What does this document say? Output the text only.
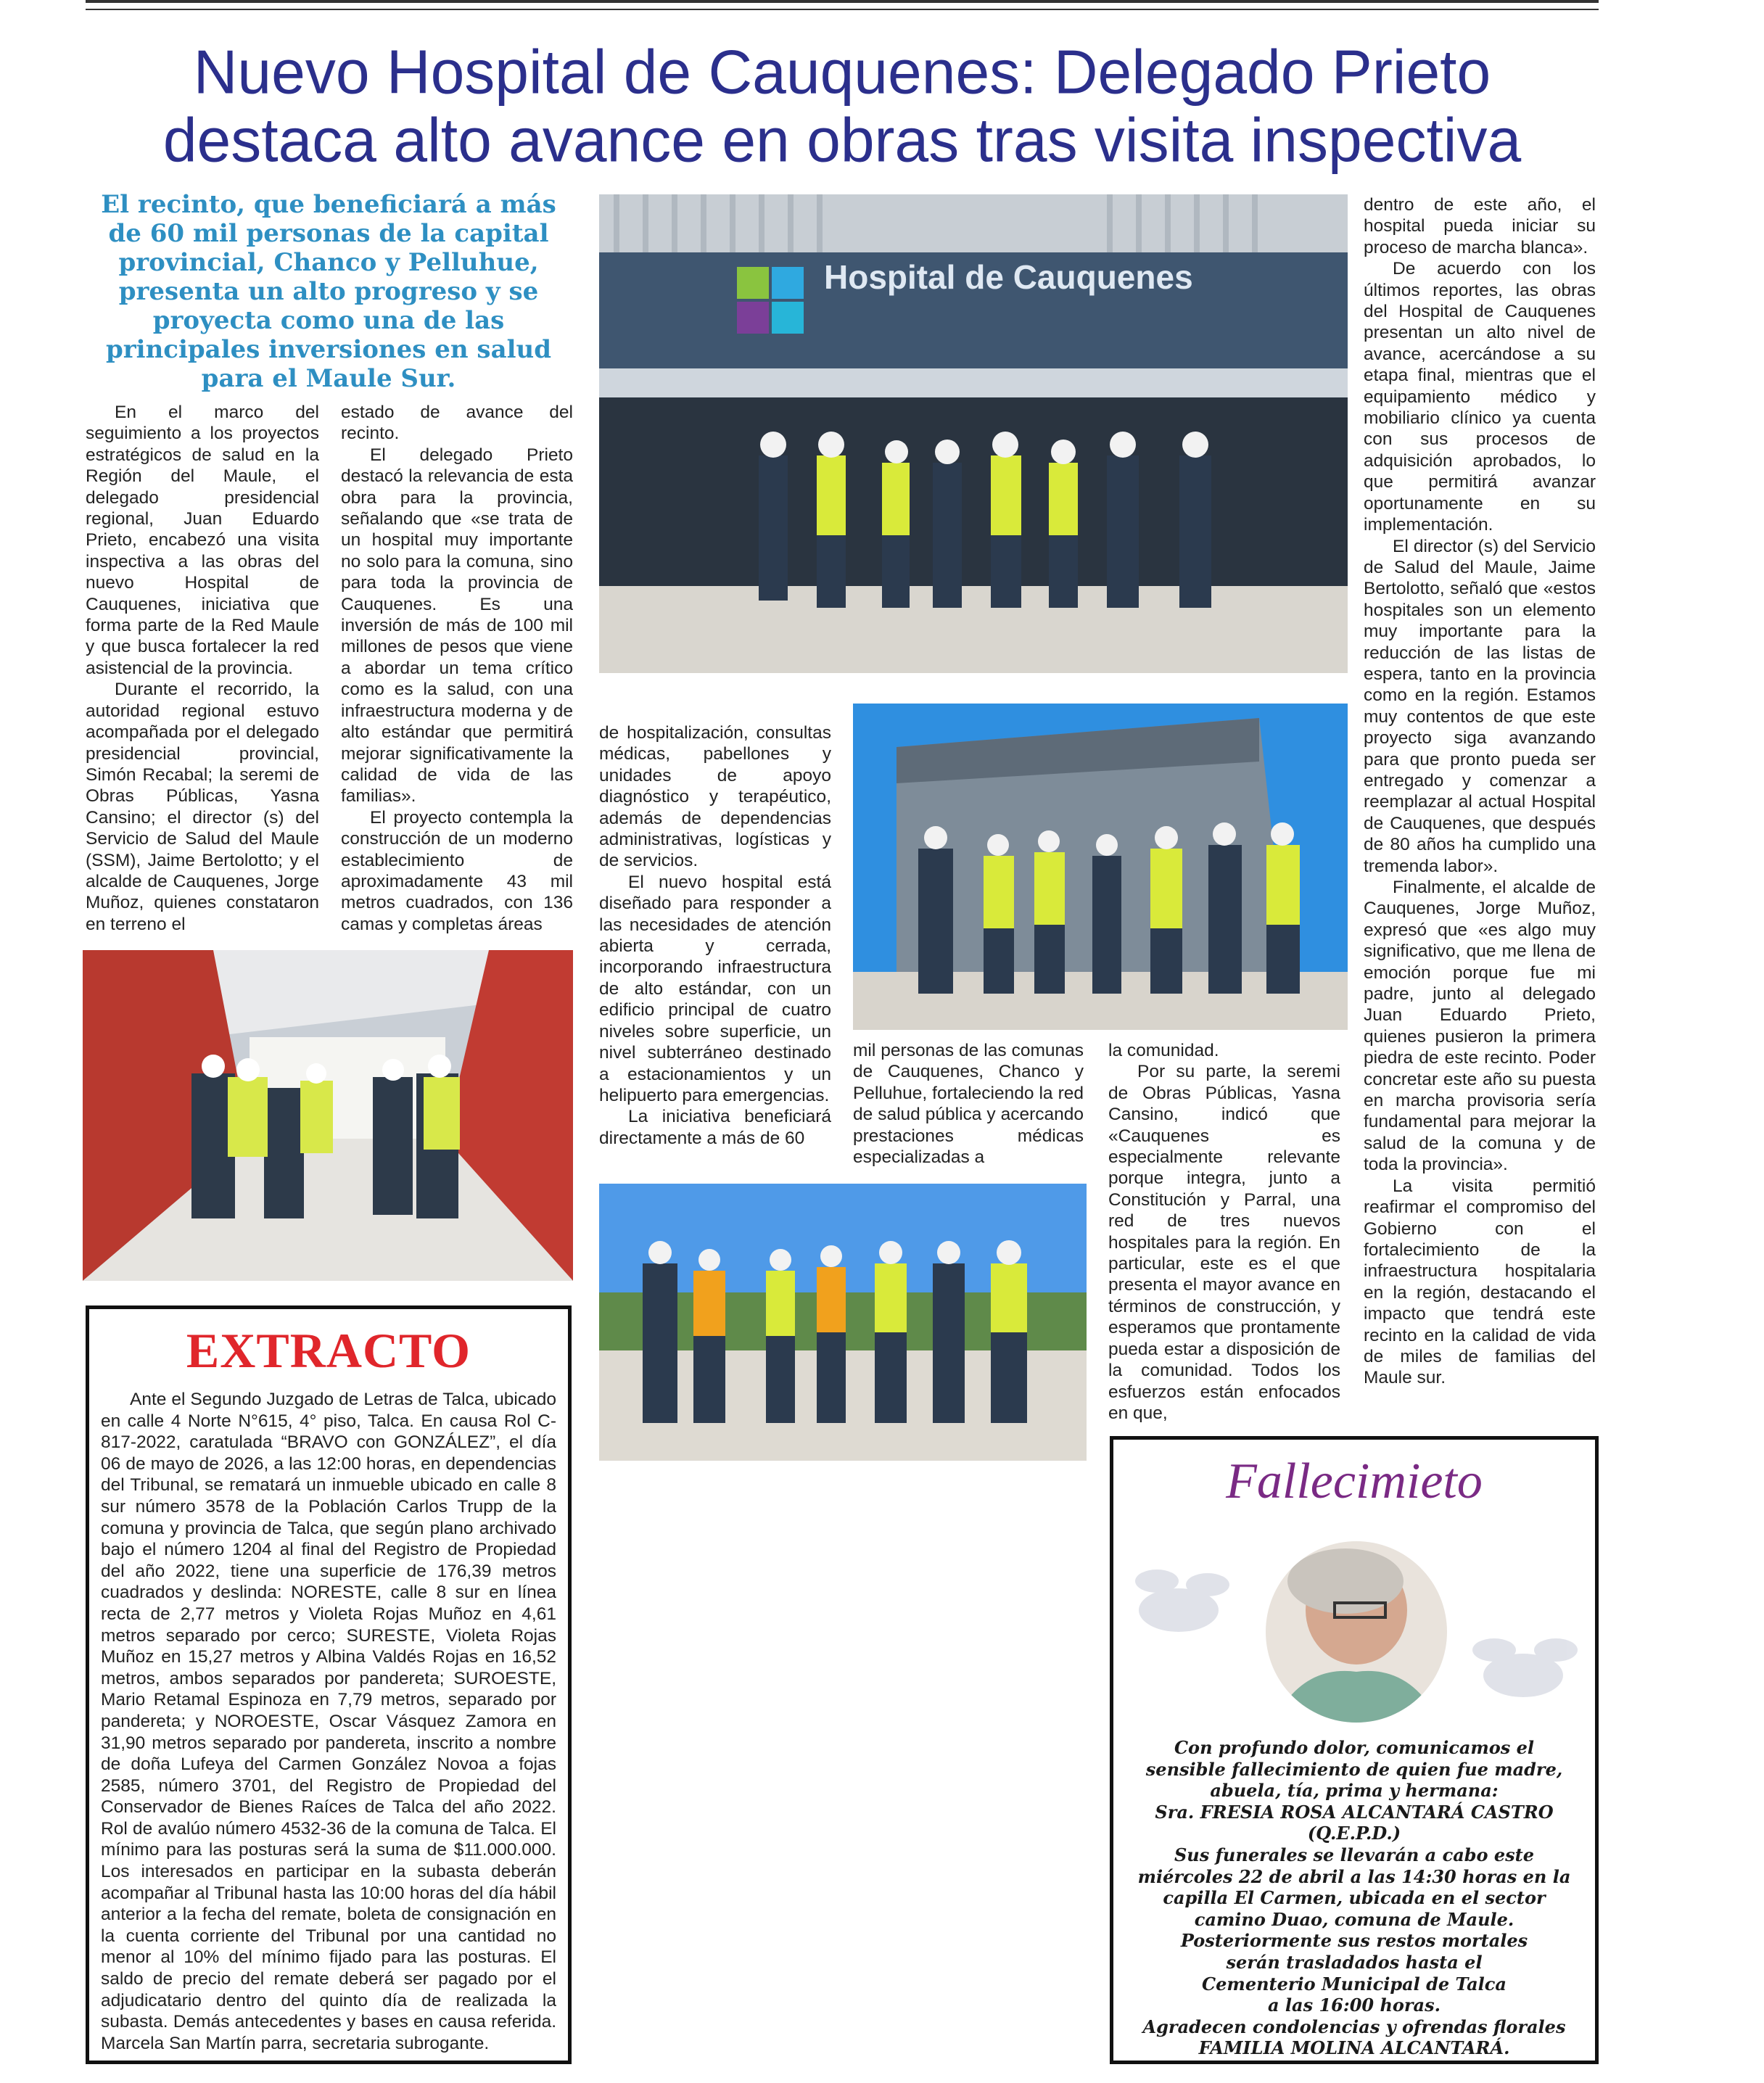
Nuevo Hospital de Cauquenes: Delegado Prieto
destaca alto avance en obras tras visita inspectiva
El recinto, que beneficiará a más de 60 mil personas de la capital provincial, Chanco y Pelluhue, presenta un alto progreso y se proyecta como una de las principales inversiones en salud para el Maule Sur.

En el marco del seguimiento a los proyectos estratégicos de salud en la Región del Maule, el delegado presidencial regional, Juan Eduardo Prieto, encabezó una visita inspectiva a las obras del nuevo Hospital de Cauquenes, iniciativa que forma parte de la Red Maule y que busca fortalecer la red asistencial de la provincia.

Durante el recorrido, la autoridad regional estuvo acompañada por el delegado presidencial provincial, Simón Recabal; la seremi de Obras Públicas, Yasna Cansino; el director (s) del Servicio de Salud del Maule (SSM), Jaime Bertolotto; y el alcalde de Cauquenes, Jorge Muñoz, quienes constataron en terreno el

estado de avance del recinto.

El delegado Prieto destacó la relevancia de esta obra para la provincia, señalando que «se trata de un hospital muy importante no solo para la comuna, sino para toda la provincia de Cauquenes. Es una inversión de más de 100 mil millones de pesos que viene a abordar un tema crítico como es la salud, con una infraestructura moderna y de alto estándar que permitirá mejorar significativamente la calidad de vida de las familias».

El proyecto contempla la construcción de un moderno establecimiento de aproximadamente 43 mil metros cuadrados, con 136 camas y completas áreas

Hospital de Cauquenes

de hospitalización, consultas médicas, pabellones y unidades de apoyo diagnóstico y terapéutico, además de dependencias administrativas, logísticas y de servicios.

El nuevo hospital está diseñado para responder a las necesidades de atención abierta y cerrada, incorporando infraestructura de alto estándar, con un edificio principal de cuatro niveles sobre superficie, un nivel subterráneo destinado a estacionamientos y un helipuerto para emergencias.

La iniciativa beneficiará directamente a más de 60

mil personas de las comunas de Cauquenes, Chanco y Pelluhue, fortaleciendo la red de salud pública y acercando prestaciones médicas especializadas a

la comunidad.

Por su parte, la seremi de Obras Públicas, Yasna Cansino, indicó que «Cauquenes es especialmente relevante porque integra, junto a Constitución y Parral, una red de tres nuevos hospitales para la región. En particular, este es el que presenta el mayor avance en términos de construcción, y esperamos que prontamente pueda estar a disposición de la comunidad. Todos los esfuerzos están enfocados en que,

dentro de este año, el hospital pueda iniciar su proceso de marcha blanca».

De acuerdo con los últimos reportes, las obras del Hospital de Cauquenes presentan un alto nivel de avance, acercándose a su etapa final, mientras que el equipamiento médico y mobiliario clínico ya cuenta con sus procesos de adquisición aprobados, lo que permitirá avanzar oportunamente en su implementación.

El director (s) del Servicio de Salud del Maule, Jaime Bertolotto, señaló que «estos hospitales son un elemento muy importante para la reducción de las listas de espera, tanto en la provincia como en la región. Estamos muy contentos de que este proyecto siga avanzando para que pronto pueda ser entregado y comenzar a reemplazar al actual Hospital de Cauquenes, que después de 80 años ha cumplido una tremenda labor».

Finalmente, el alcalde de Cauquenes, Jorge Muñoz, expresó que «es algo muy significativo, que me llena de emoción porque fue mi padre, junto al delegado Juan Eduardo Prieto, quienes pusieron la primera piedra de este recinto. Poder concretar este año su puesta en marcha provisoria sería fundamental para mejorar la salud de la comuna y de toda la provincia».

La visita permitió reafirmar el compromiso del Gobierno con el fortalecimiento de la infraestructura hospitalaria en la región, destacando el impacto que tendrá este recinto en la calidad de vida de miles de familias del Maule sur.

EXTRACTO
Ante el Segundo Juzgado de Letras de Talca, ubicado en calle 4 Norte N°615, 4° piso, Talca. En causa Rol C-817-2022, caratulada “BRAVO con GONZÁLEZ”, el día 06 de mayo de 2026, a las 12:00 horas, en dependencias del Tribunal, se rematará un inmueble ubicado en calle 8 sur número 3578 de la Población Carlos Trupp de la comuna y provincia de Talca, que según plano archivado bajo el número 1204 al final del Registro de Propiedad del año 2022, tiene una superficie de 176,39 metros cuadrados y deslinda: NORESTE, calle 8 sur en línea recta de 2,77 metros y Violeta Rojas Muñoz en 4,61 metros separado por cerco; SURESTE, Violeta Rojas Muñoz en 15,27 metros y Albina Valdés Rojas en 16,52 metros, ambos separados por pandereta; SUROESTE, Mario Retamal Espinoza en 7,79 metros, separado por pandereta; y NOROESTE, Oscar Vásquez Zamora en 31,90 metros separado por pandereta, inscrito a nombre de doña Lufeya del Carmen González Novoa a fojas 2585, número 3701, del Registro de Propiedad del Conservador de Bienes Raíces de Talca del año 2022. Rol de avalúo número 4532-36 de la comuna de Talca. El mínimo para las posturas será la suma de $11.000.000. Los interesados en participar en la subasta deberán acompañar al Tribunal hasta las 10:00 horas del día hábil anterior a la fecha del remate, boleta de consignación en la cuenta corriente del Tribunal por una cantidad no menor al 10% del mínimo fijado para las posturas. El saldo de precio del remate deberá ser pagado por el adjudicatario dentro del quinto día de realizada la subasta. Demás antecedentes y bases en causa referida. Marcela San Martín parra, secretaria subrogante.
Fallecimieto
Con profundo dolor, comunicamos el
sensible fallecimiento de quien fue madre,
abuela, tía, prima y hermana:
Sra. FRESIA ROSA ALCANTARÁ CASTRO
(Q.E.P.D.)
Sus funerales se llevarán a cabo este
miércoles 22 de abril a las 14:30 horas en la
capilla El Carmen, ubicada en el sector
camino Duao, comuna de Maule.
Posteriormente sus restos mortales
serán trasladados hasta el
Cementerio Municipal de Talca
a las 16:00 horas.
Agradecen condolencias y ofrendas florales
FAMILIA MOLINA ALCANTARÁ.
